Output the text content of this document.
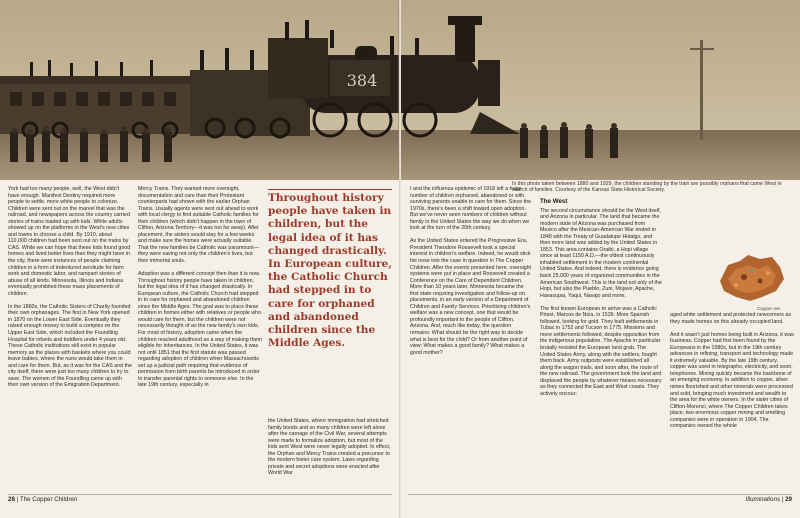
384
In this photo taken between 1880 and 1929, the children standing by the train are possibly orphans that came West in search of families. Courtesy of the Kansas State Historical Society.

York had too many people, well, the West didn't have enough. Manifest Destiny required more people to settle, more white people to colonize. Children were sent out on the marvel that was the railroad, and newspapers across the country carried stories of trains loaded up with kids. White adults showed up on the platforms in the West's new cities and towns to choose a child. By 1910, about 110,000 children had been sent out on the trains by CAS. While we can hope that these kids found good homes and lived better lives than they might have in the city, there were instances of people claiming children in a form of indentured servitude for farm work and domestic labor, and rampant stories of abuse of all kinds. Minnesota, Illinois and Indiana eventually prohibited these mass placements of children.

In the 1860s, the Catholic Sisters of Charity founded their own orphanages. The first in New York opened in 1870 on the Lower East Side. Eventually they raised enough money to build a complex on the Upper East Side, which included the Foundling Hospital for infants and toddlers under 4 years old. These Catholic institutions still exist in popular memory as the places with baskets where you could leave babies, where the nuns would take them in and care for them. But, as it was for the CAS and the city itself, there were just too many children to try to save. The women of the Foundling came up with their own version of the Emigration Department.

Mercy Trains. They wanted more oversight, documentation and care than their Protestant counterparts had shown with the earlier Orphan Trains. Usually agents were sent out ahead to work with local clergy to find suitable Catholic families for their children (which didn't happen in the town of Clifton, Arizona Territory—it was too far away). After placement, the sisters would stay for a few weeks and make sure the homes were actually suitable. That the new families be Catholic was paramount—they were saving not only the children's lives, but their immortal souls.

Adoption was a different concept then than it is now. Throughout history people have taken in children, but the legal idea of it has changed drastically. In European culture, the Catholic Church had stepped in to care for orphaned and abandoned children since the Middle Ages. The goal was to place these children in homes either with relatives or people who would care for them, but the children were not necessarily thought of as the new family's own kids. For most of history, adoption came when the children reached adulthood as a way of making them eligible for inheritances. In the United States, it was not until 1851 that the first statute was passed regarding adoption of children when Massachusetts set up a judicial path requiring that evidence of permission from birth parents be introduced in order to transfer parental rights to someone else. In the late 19th century, especially in

Throughout history people have taken in children, but the legal idea of it has changed drastically. In European culture, the Catholic Church had stepped in to care for orphaned and abandoned children since the Middle Ages.

the United States, where immigration had stretched family bonds and so many children were left alone after the carnage of the Civil War, several attempts were made to formalize adoption, but most of the kids sent West were never legally adopted. In effect, the Orphan and Mercy Trains created a precursor to the modern foster care system. Laws regarding private and secret adoptions were enacted after World War

I and the influenza epidemic of 1918 left a huge number of children orphaned, abandoned or with surviving parents unable to care for them. Since the 1970s, there's been a shift toward open adoption. But we've never seen numbers of children without family in the United States the way we do when we look at the turn of the 20th century.

As the United States entered the Progressive Era, President Theodore Roosevelt took a special interest in children's welfare. Indeed, he would stick his nose into the case in question in The Copper Children. After the events presented here, oversight systems were put in place and Roosevelt created a Conference on the Care of Dependent Children. More than 10 years later, Minnesota became the first state requiring investigation and follow-up on placements, in an early version of a Department of Children and Family Services. Prioritizing children's welfare was a new concept, one that would be profoundly important to the people of Clifton, Arizona. And, much like today, the question remains: What should be the right way to decide what is best for the child? Or from another point of view: What makes a good family? What makes a good mother?

The West

The second circumstance should be the West itself, and Arizona in particular. The land that became the modern state of Arizona was purchased from Mexico after the Mexican-American War ended in 1848 with the Treaty of Guadalupe Hidalgo, and then more land was added by the United States in 1853. This area contains Oraibi, a Hopi village since at least 1150 A.D.—the oldest continuously inhabited settlement in the modern continental United States. And indeed, there is evidence going back 25,000 years of organized communities in the American Southwest. This is the land not only of the Hopi, but also the Pueblo, Zuni, Mojave, Apache, Havasupai, Yaqui, Navajo and more.

The first known European to arrive was a Catholic Priest, Marcos de Niza, in 1539. More Spanish followed, looking for gold. They built settlements in Tubac in 1752 and Tucson in 1775. Missions and more settlements followed, despite opposition from the indigenous population. The Apache in particular brutally resisted the European land grab. The United States Army, along with the settlers, fought them back. Army outposts were established all along the wagon trails, and soon after, the route of the new railroad. The government took the land and displaced the people by whatever means necessary as they connected the East and West coasts. They actively encour-

Copper ore

aged white settlement and protected newcomers as they made homes on this already occupied land.

And it wasn't just homes being built in Arizona, it was business. Copper had first been found by the Europeans in the 1580s, but in the 19th century advances in refining, transport and technology made it extremely valuable. By the late 19th century, copper was used in telegraphs, electricity, and soon, telephones. Mining quickly became the backbone of an emerging economy. In addition to copper, silver mines flourished and other minerals were processed and sold, bringing much investment and wealth to the area for the white owners. In the sister cities of Clifton-Morenci, where The Copper Children takes place, two enormous copper mining and smelting companies were in operation in 1904. The companies owned the whole

28 | The Copper Children	Illuminations | 29
